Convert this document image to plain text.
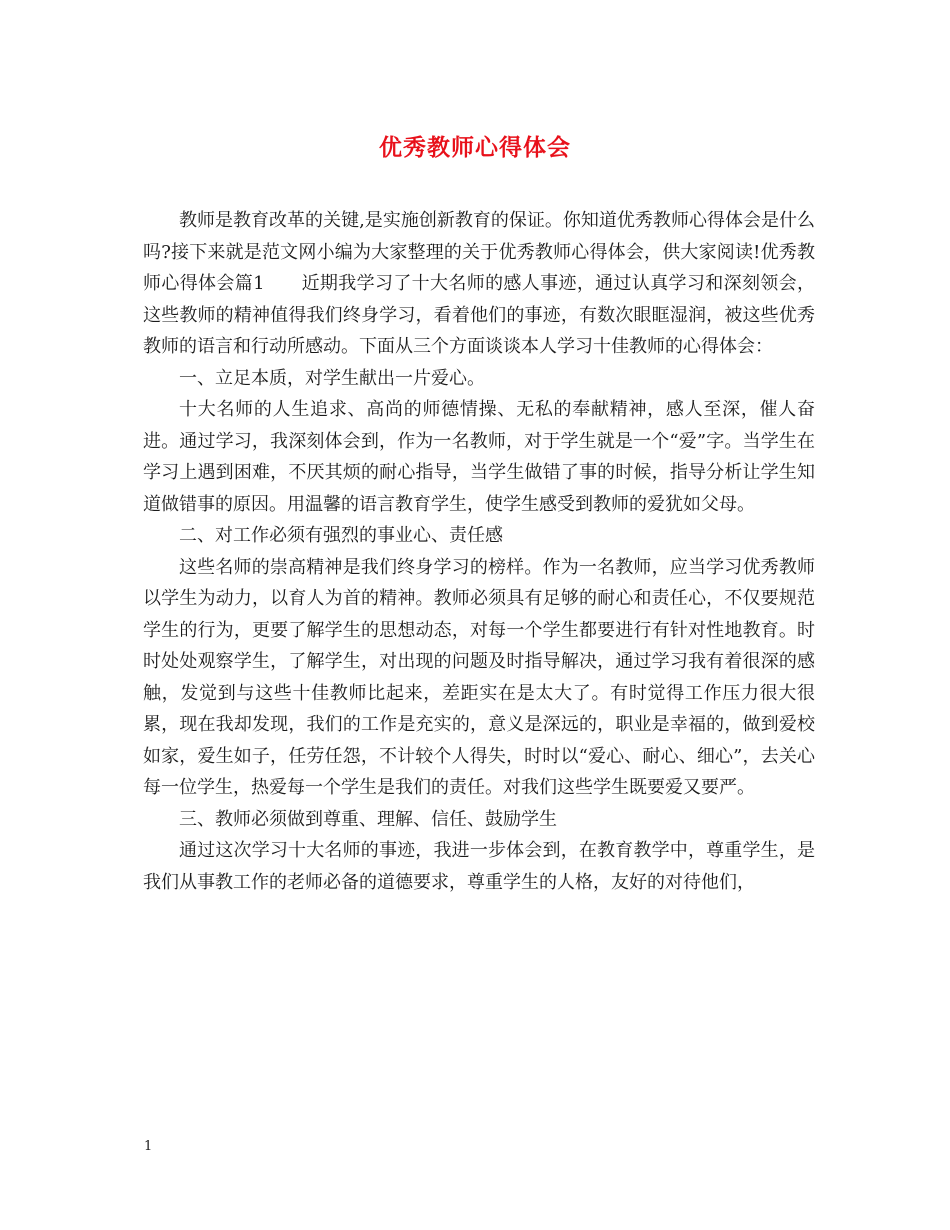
优秀教师心得体会

教师是教育改革的关键,是实施创新教育的保证。你知道优秀教师心得体会是什么吗?接下来就是范文网小编为大家整理的关于优秀教师心得体会，供大家阅读!优秀教师心得体会篇1　　近期我学习了十大名师的感人事迹，通过认真学习和深刻领会，这些教师的精神值得我们终身学习，看着他们的事迹，有数次眼眶湿润，被这些优秀教师的语言和行动所感动。下面从三个方面谈谈本人学习十佳教师的心得体会：

一、立足本质，对学生献出一片爱心。

十大名师的人生追求、高尚的师德情操、无私的奉献精神，感人至深，催人奋进。通过学习，我深刻体会到，作为一名教师，对于学生就是一个“爱”字。当学生在学习上遇到困难，不厌其烦的耐心指导，当学生做错了事的时候，指导分析让学生知道做错事的原因。用温馨的语言教育学生，使学生感受到教师的爱犹如父母。

二、对工作必须有强烈的事业心、责任感

这些名师的崇高精神是我们终身学习的榜样。作为一名教师，应当学习优秀教师以学生为动力，以育人为首的精神。教师必须具有足够的耐心和责任心，不仅要规范学生的行为，更要了解学生的思想动态，对每一个学生都要进行有针对性地教育。时时处处观察学生，了解学生，对出现的问题及时指导解决，通过学习我有着很深的感触，发觉到与这些十佳教师比起来，差距实在是太大了。有时觉得工作压力很大很累，现在我却发现，我们的工作是充实的，意义是深远的，职业是幸福的，做到爱校如家，爱生如子，任劳任怨，不计较个人得失，时时以“爱心、耐心、细心”，去关心每一位学生，热爱每一个学生是我们的责任。对我们这些学生既要爱又要严。

三、教师必须做到尊重、理解、信任、鼓励学生

通过这次学习十大名师的事迹，我进一步体会到，在教育教学中，尊重学生，是我们从事教工作的老师必备的道德要求，尊重学生的人格，友好的对待他们，

1
